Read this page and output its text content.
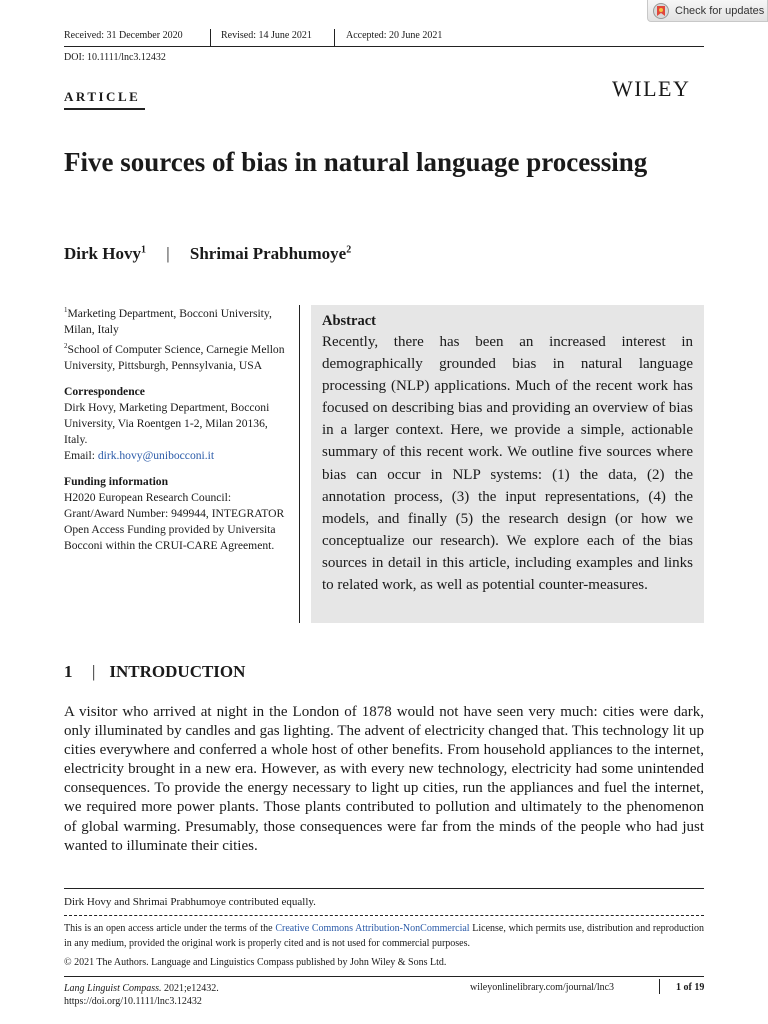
Check for updates
Received: 31 December 2020	Revised: 14 June 2021	Accepted: 20 June 2021
DOI: 10.1111/lnc3.12432
ARTICLE	WILEY
Five sources of bias in natural language processing
Dirk Hovy$^1$ | Shrimai Prabhumoye$^2$

$^1$Marketing Department, Bocconi University, Milan, Italy

$^2$School of Computer Science, Carnegie Mellon University, Pittsburgh, Pennsylvania, USA

Correspondence

Dirk Hovy, Marketing Department, Bocconi University, Via Roentgen 1-2, Milan 20136, Italy.

Email: dirk.hovy@unibocconi.it

Funding information

H2020 European Research Council: Grant/Award Number: 949944, INTEGRATOR

Open Access Funding provided by Universita Bocconi within the CRUI-CARE Agreement.

Abstract

Recently, there has been an increased interest in demographically grounded bias in natural language processing (NLP) applications. Much of the recent work has focused on describing bias and providing an overview of bias in a larger context. Here, we provide a simple, actionable summary of this recent work. We outline five sources where bias can occur in NLP systems: (1) the data, (2) the annotation process, (3) the input representations, (4) the models, and finally (5) the research design (or how we conceptualize our research). We explore each of the bias sources in detail in this article, including examples and links to related work, as well as potential counter-measures.

1 | INTRODUCTION

A visitor who arrived at night in the London of 1878 would not have seen very much: cities were dark, only illuminated by candles and gas lighting. The advent of electricity changed that. This technology lit up cities everywhere and conferred a whole host of other benefits. From household appliances to the internet, electricity brought in a new era. However, as with every new technology, electricity had some unintended consequences. To provide the energy necessary to light up cities, run the appliances and fuel the internet, we required more power plants. Those plants contributed to pollution and ultimately to the phenomenon of global warming. Presumably, those consequences were far from the minds of the people who had just wanted to illuminate their cities.

Dirk Hovy and Shrimai Prabhumoye contributed equally.
This is an open access article under the terms of the Creative Commons Attribution-NonCommercial License, which permits use, distribution and reproduction in any medium, provided the original work is properly cited and is not used for commercial purposes.
© 2021 The Authors. Language and Linguistics Compass published by John Wiley & Sons Ltd.
Lang Linguist Compass. 2021;e12432.
https://doi.org/10.1111/lnc3.12432
wileyonlinelibrary.com/journal/lnc3	1 of 19
